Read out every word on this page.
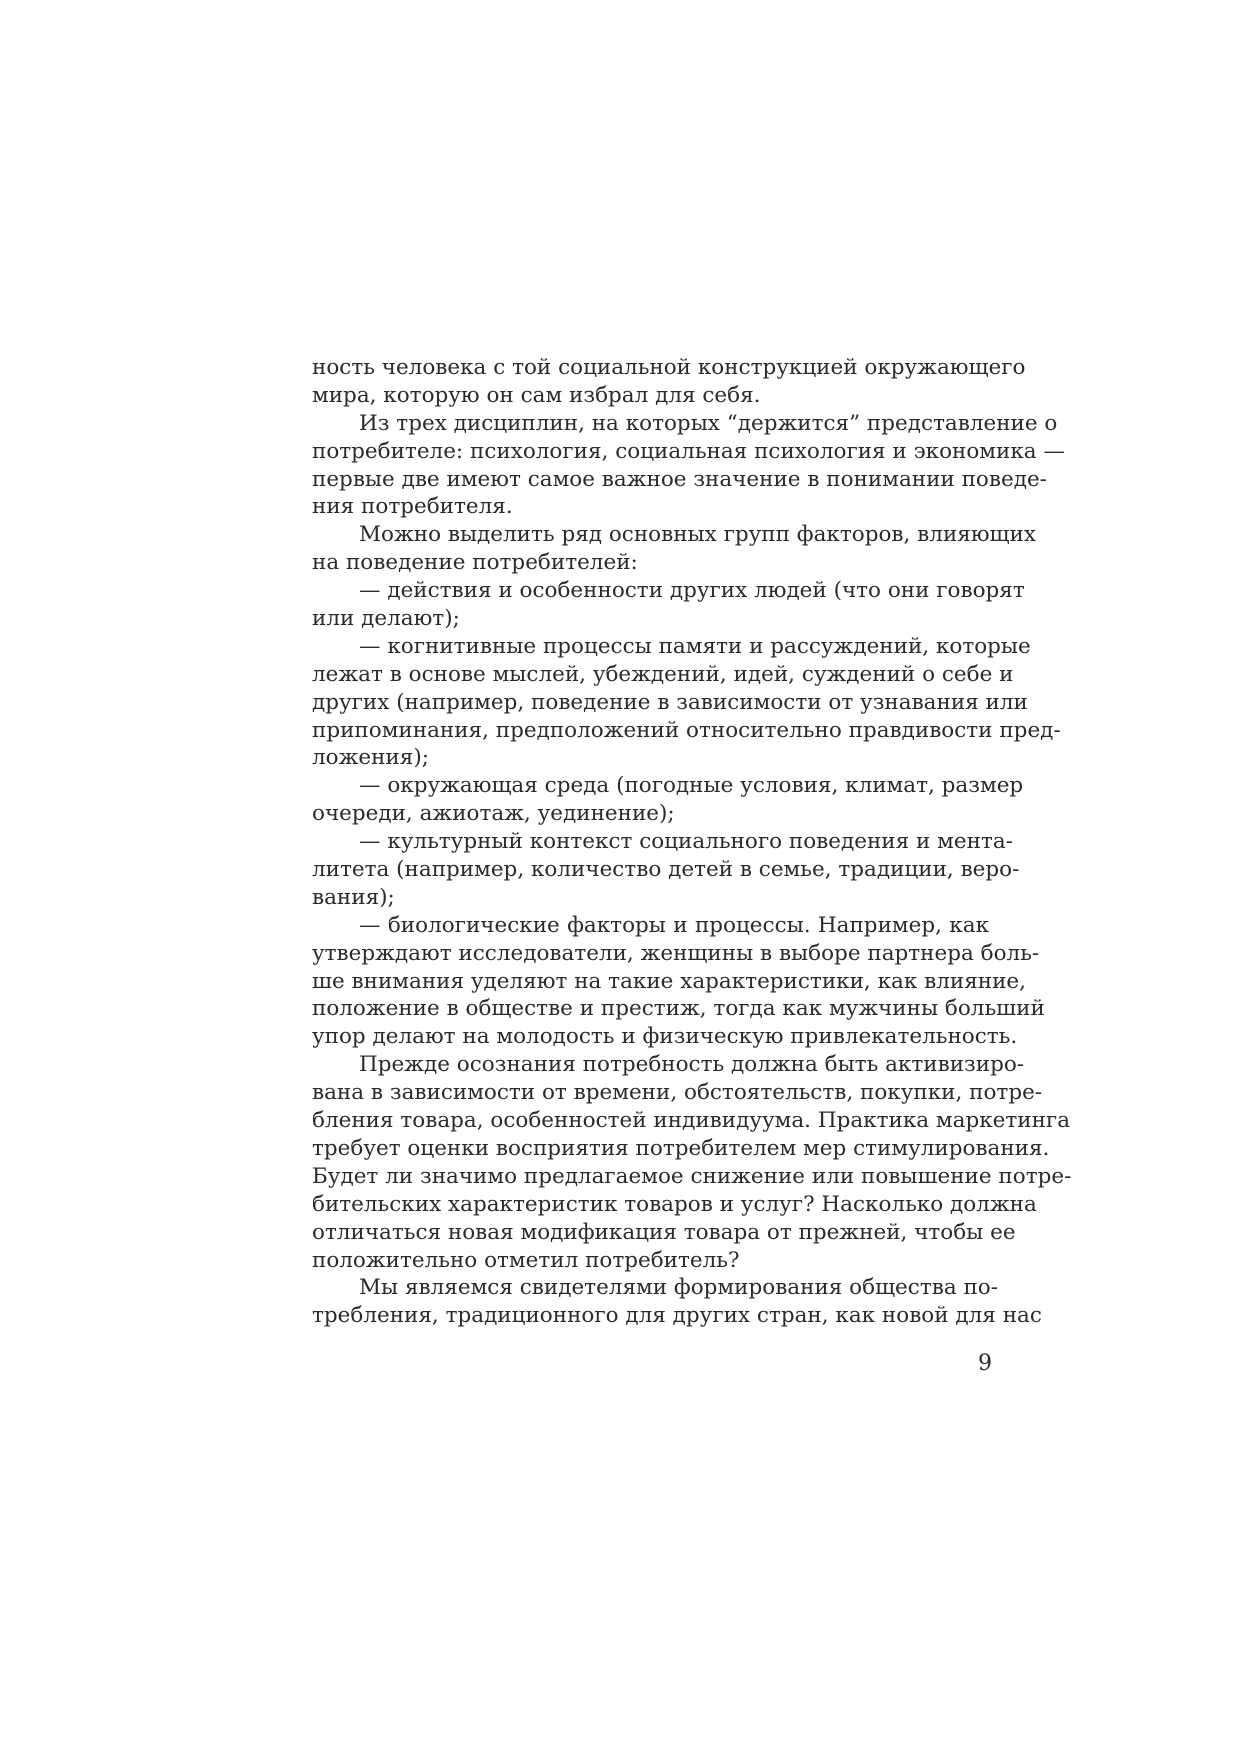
ность человека с той социальной конструкцией окружающего
мира, которую он сам избрал для себя.
Из трех дисциплин, на которых “держится” представление о
потребителе: психология, социальная психология и экономика —
первые две имеют самое важное значение в понимании поведе-
ния потребителя.
Можно выделить ряд основных групп факторов, влияющих
на поведение потребителей:
— действия и особенности других людей (что они говорят
или делают);
— когнитивные процессы памяти и рассуждений, которые
лежат в основе мыслей, убеждений, идей, суждений о себе и
других (например, поведение в зависимости от узнавания или
припоминания, предположений относительно правдивости пред-
ложения);
— окружающая среда (погодные условия, климат, размер
очереди, ажиотаж, уединение);
— культурный контекст социального поведения и мента-
литета (например, количество детей в семье, традиции, веро-
вания);
— биологические факторы и процессы. Например, как
утверждают исследователи, женщины в выборе партнера боль-
ше внимания уделяют на такие характеристики, как влияние,
положение в обществе и престиж, тогда как мужчины больший
упор делают на молодость и физическую привлекательность.
Прежде осознания потребность должна быть активизиро-
вана в зависимости от времени, обстоятельств, покупки, потре-
бления товара, особенностей индивидуума. Практика маркетинга
требует оценки восприятия потребителем мер стимулирования.
Будет ли значимо предлагаемое снижение или повышение потре-
бительских характеристик товаров и услуг? Насколько должна
отличаться новая модификация товара от прежней, чтобы ее
положительно отметил потребитель?
Мы являемся свидетелями формирования общества по-
требления, традиционного для других стран, как новой для нас
9
